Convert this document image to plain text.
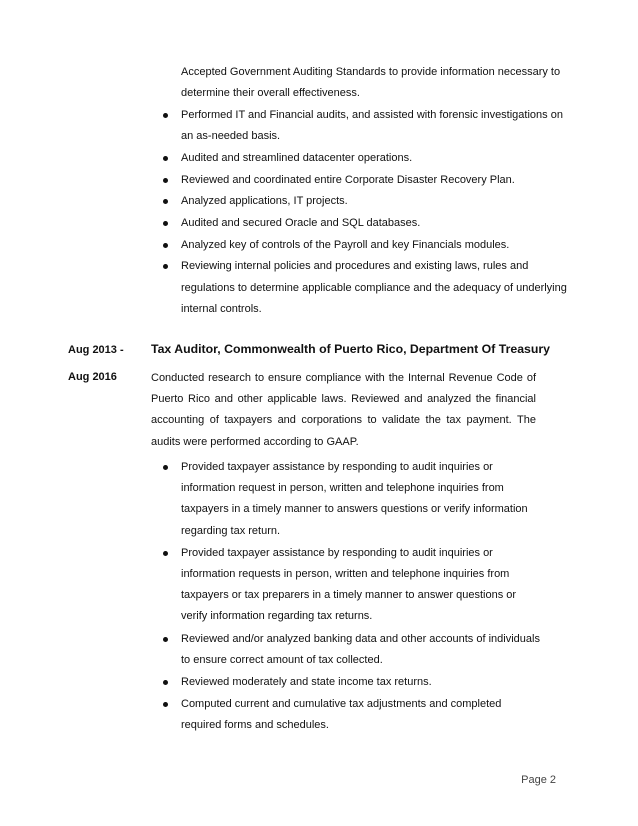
Accepted Government Auditing Standards to provide information necessary to determine their overall effectiveness.
Performed IT and Financial audits, and assisted with forensic investigations on an as-needed basis.
Audited and streamlined datacenter operations.
Reviewed and coordinated entire Corporate Disaster Recovery Plan.
Analyzed applications, IT projects.
Audited and secured Oracle and SQL databases.
Analyzed key of controls of the Payroll and key Financials modules.
Reviewing internal policies and procedures and existing laws, rules and regulations to determine applicable compliance and the adequacy of underlying internal controls.
Aug 2013 - Tax Auditor, Commonwealth of Puerto Rico, Department Of Treasury
Aug 2016	Conducted research to ensure compliance with the Internal Revenue Code of Puerto Rico and other applicable laws. Reviewed and analyzed the financial accounting of taxpayers and corporations to validate the tax payment. The audits were performed according to GAAP.
Provided taxpayer assistance by responding to audit inquiries or information request in person, written and telephone inquiries from taxpayers in a timely manner to answers questions or verify information regarding tax return.
Provided taxpayer assistance by responding to audit inquiries or information requests in person, written and telephone inquiries from taxpayers or tax preparers in a timely manner to answer questions or verify information regarding tax returns.
Reviewed and/or analyzed banking data and other accounts of individuals to ensure correct amount of tax collected.
Reviewed moderately and state income tax returns.
Computed current and cumulative tax adjustments and completed required forms and schedules.
Page 2
